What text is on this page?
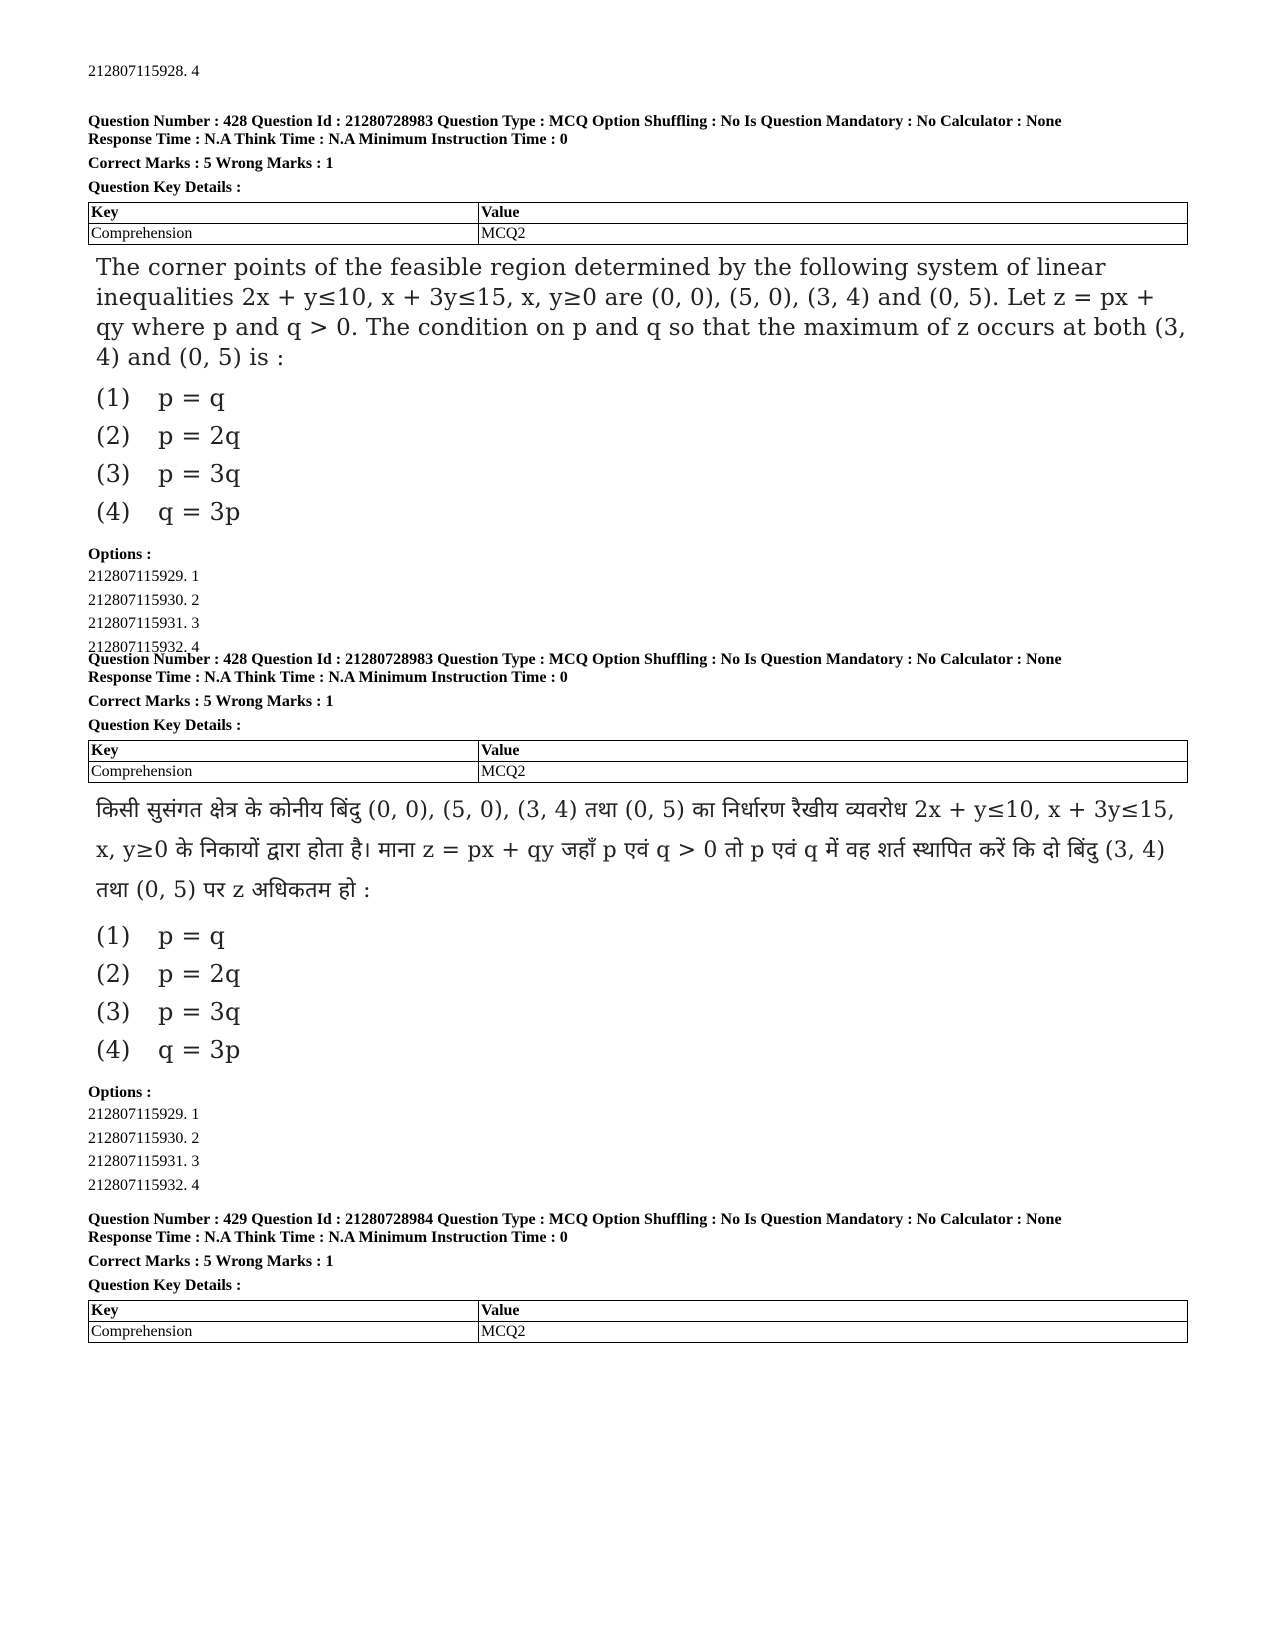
212807115928. 4

Question Number : 428 Question Id : 21280728983 Question Type : MCQ Option Shuffling : No Is Question Mandatory : No Calculator : None

Response Time : N.A Think Time : N.A Minimum Instruction Time : 0

Correct Marks : 5 Wrong Marks : 1

Question Key Details :

Key	Value
Comprehension	MCQ2

The corner points of the feasible region determined by the following system of linear inequalities 2x + y≤10, x + 3y≤15, x, y≥0 are (0, 0), (5, 0), (3, 4) and (0, 5). Let z = px + qy where p and q > 0. The condition on p and q so that the maximum of z occurs at both (3, 4) and (0, 5) is :

(1)	p = q
(2)	p = 2q
(3)	p = 3q
(4)	q = 3p
Options :
212807115929. 1
212807115930. 2
212807115931. 3
212807115932. 4

Question Number : 428 Question Id : 21280728983 Question Type : MCQ Option Shuffling : No Is Question Mandatory : No Calculator : None

Response Time : N.A Think Time : N.A Minimum Instruction Time : 0

Correct Marks : 5 Wrong Marks : 1

Question Key Details :

Key	Value
Comprehension	MCQ2

किसी सुसंगत क्षेत्र के कोनीय बिंदु (0, 0), (5, 0), (3, 4) तथा (0, 5) का निर्धारण रैखीय व्यवरोध 2x + y≤10, x + 3y≤15, x, y≥0 के निकायों द्वारा होता है। माना z = px + qy जहाँ p एवं q > 0 तो p एवं q में वह शर्त स्थापित करें कि दो बिंदु (3, 4) तथा (0, 5) पर z अधिकतम हो :

(1)	p = q
(2)	p = 2q
(3)	p = 3q
(4)	q = 3p
Options :
212807115929. 1
212807115930. 2
212807115931. 3
212807115932. 4

Question Number : 429 Question Id : 21280728984 Question Type : MCQ Option Shuffling : No Is Question Mandatory : No Calculator : None

Response Time : N.A Think Time : N.A Minimum Instruction Time : 0

Correct Marks : 5 Wrong Marks : 1

Question Key Details :

Key	Value
Comprehension	MCQ2
